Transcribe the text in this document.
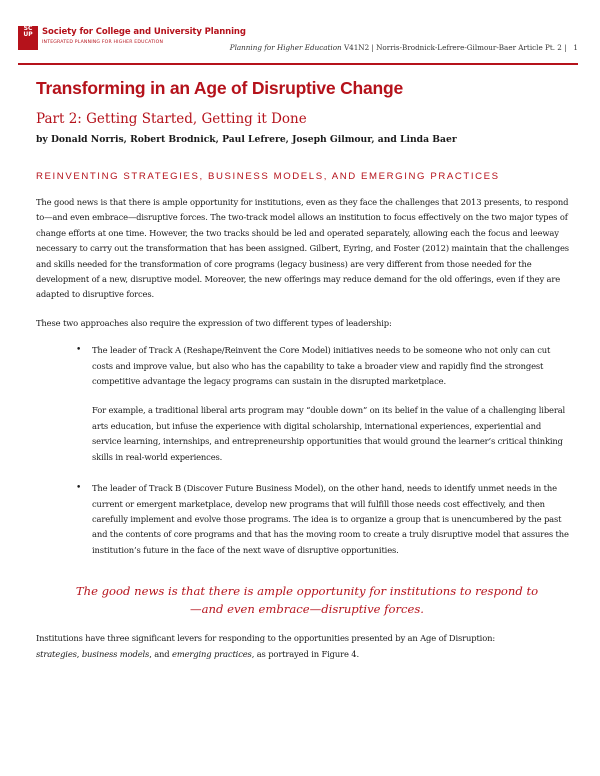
SC
UP	Society for College and University Planning
INTEGRATED PLANNING FOR HIGHER EDUCATION
Planning for Higher Education V41N2 | Norris-Brodnick-Lefrere-Gilmour-Baer Article Pt. 2 | 1
Transforming in an Age of Disruptive Change
Part 2: Getting Started, Getting it Done
by Donald Norris, Robert Brodnick, Paul Lefrere, Joseph Gilmour, and Linda Baer
REINVENTING STRATEGIES, BUSINESS MODELS, AND EMERGING PRACTICES

The good news is that there is ample opportunity for institutions, even as they face the challenges that 2013 presents, to respond to—and even embrace—disruptive forces. The two-track model allows an institution to focus effectively on the two major types of change efforts at one time. However, the two tracks should be led and operated separately, allowing each the focus and leeway necessary to carry out the transformation that has been assigned. Gilbert, Eyring, and Foster (2012) maintain that the challenges and skills needed for the transformation of core programs (legacy business) are very different from those needed for the development of a new, disruptive model. Moreover, the new offerings may reduce demand for the old offerings, even if they are adapted to disruptive forces.

These two approaches also require the expression of two different types of leadership:

• The leader of Track A (Reshape/Reinvent the Core Model) initiatives needs to be someone who not only can cut costs and improve value, but also who has the capability to take a broader view and rapidly find the strongest competitive advantage the legacy programs can sustain in the disrupted marketplace.

For example, a traditional liberal arts program may “double down” on its belief in the value of a challenging liberal arts education, but infuse the experience with digital scholarship, international experiences, experiential and service learning, internships, and entrepreneurship opportunities that would ground the learner’s critical thinking skills in real-world experiences.

• The leader of Track B (Discover Future Business Model), on the other hand, needs to identify unmet needs in the current or emergent marketplace, develop new programs that will fulfill those needs cost effectively, and then carefully implement and evolve those programs. The idea is to organize a group that is unencumbered by the past and the contents of core programs and that has the moving room to create a truly disruptive model that assures the institution’s future in the face of the next wave of disruptive opportunities.

The good news is that there is ample opportunity for institutions to respond to
—and even embrace—disruptive forces.

Institutions have three significant levers for responding to the opportunities presented by an Age of Disruption:
strategies, business models, and emerging practices, as portrayed in Figure 4.
